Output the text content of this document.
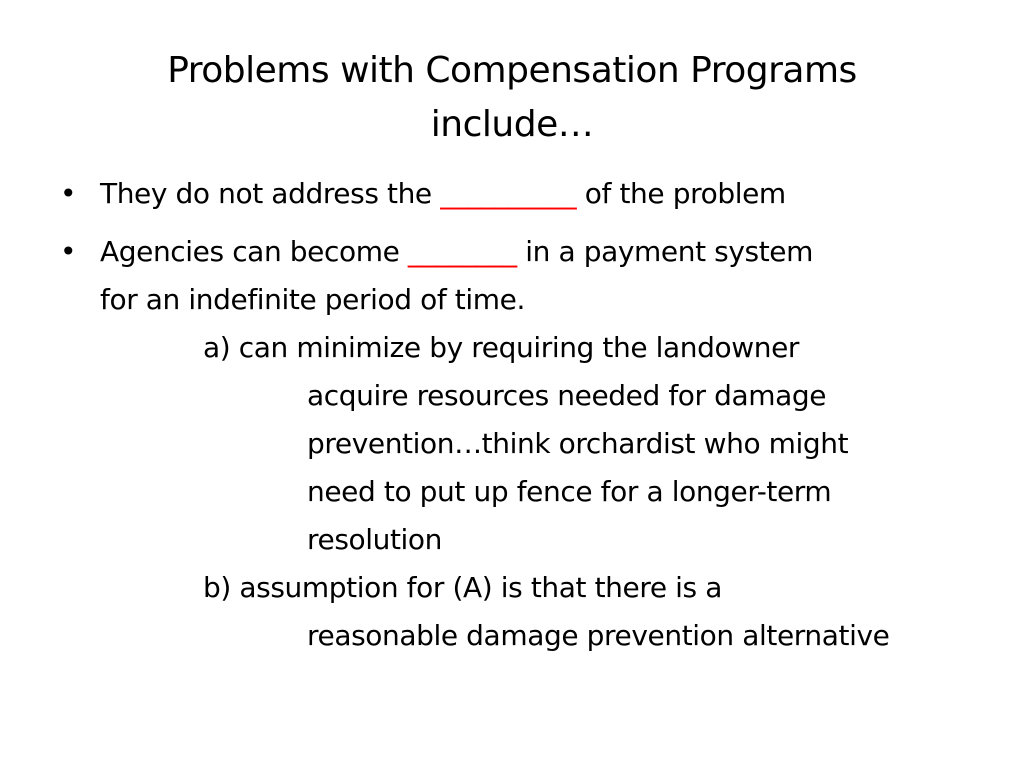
Problems with Compensation Programs
include…
• They do not address the __________ of the problem
• Agencies can become ________ in a payment system
for an indefinite period of time.
a) can minimize by requiring the landowner
acquire resources needed for damage
prevention…think orchardist who might
need to put up fence for a longer-term
resolution
b) assumption for (A) is that there is a
reasonable damage prevention alternative
